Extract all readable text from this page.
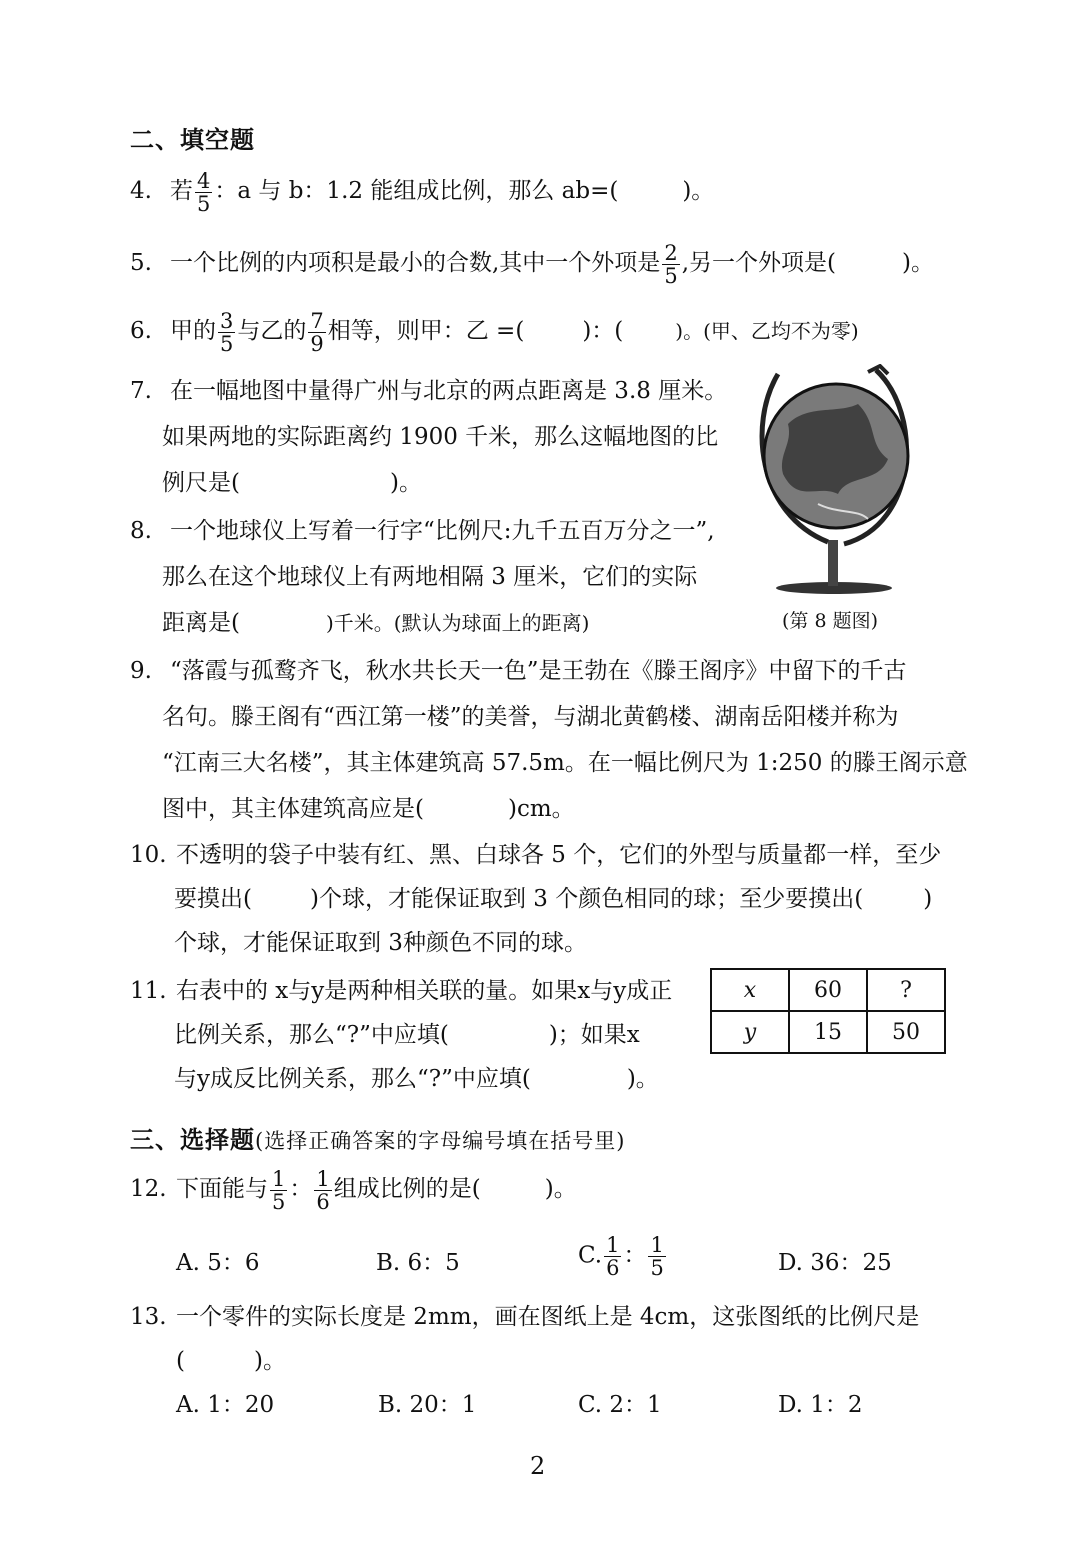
二、填空题
4. 若 $\frac{4}{5}$ ：a 与 b：1.2 能组成比例，那么 ab=(	)。
5. 一个比例的内项积是最小的合数,其中一个外项是 $\frac{2}{5}$ ,另一个外项是(	)。
6. 甲的 $\frac{3}{5}$ 与乙的 $\frac{7}{9}$ 相等，则甲：乙 =(	)：(	)。(甲、乙均不为零)
7. 在一幅地图中量得广州与北京的两点距离是 3.8 厘米。
如果两地的实际距离约 1900 千米，那么这幅地图的比
例尺是(	)。
8. 一个地球仪上写着一行字“比例尺:九千五百万分之一”,
那么在这个地球仪上有两地相隔 3 厘米，它们的实际
距离是(	)千米。(默认为球面上的距离)	(第 8 题图)
9. “落霞与孤鹜齐飞，秋水共长天一色”是王勃在《滕王阁序》中留下的千古
名句。滕王阁有“西江第一楼”的美誉，与湖北黄鹤楼、湖南岳阳楼并称为
“江南三大名楼”，其主体建筑高 57.5m。在一幅比例尺为 1:250 的滕王阁示意
图中，其主体建筑高应是(	)cm。
10. 不透明的袋子中装有红、黑、白球各 5 个，它们的外型与质量都一样，至少
要摸出(	)个球，才能保证取到 3 个颜色相同的球；至少要摸出(	)
个球，才能保证取到 3种颜色不同的球。
11. 右表中的 x与y是两种相关联的量。如果x与y成正
比例关系，那么“?”中应填(	)；如果x
与y成反比例关系，那么“?”中应填(	)。
x	60	?
y	15	50
三、选择题(选择正确答案的字母编号填在括号里)
12. 下面能与 $\frac{1}{5}$ ： $\frac{1}{6}$ 组成比例的是(	)。
A. 5：6	B. 6：5	C. $\frac{1}{6}$ ： $\frac{1}{5}$	D. 36：25
13. 一个零件的实际长度是 2mm，画在图纸上是 4cm，这张图纸的比例尺是
(　　　)。
A. 1：20	B. 20：1	C. 2：1	D. 1：2
2
